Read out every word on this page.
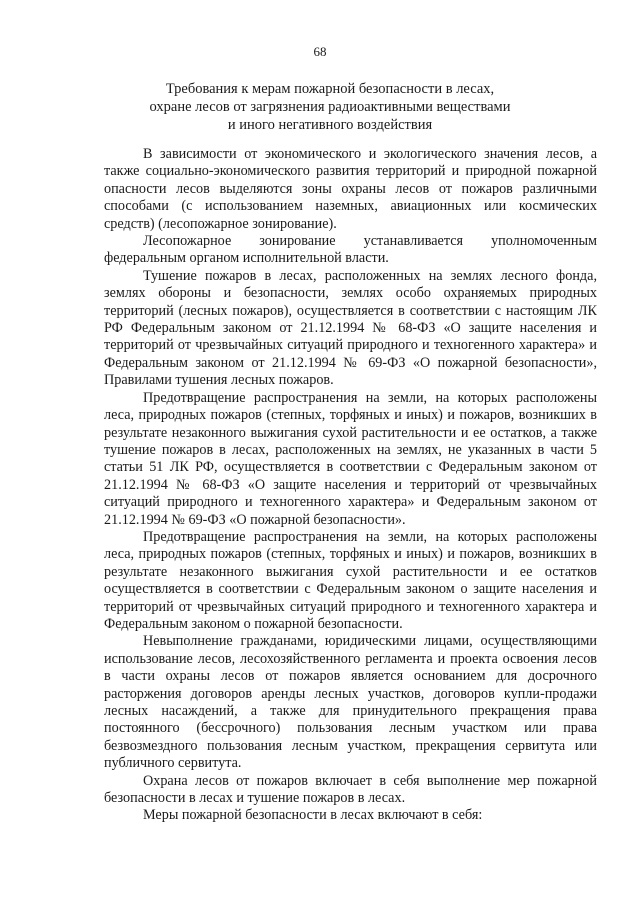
68
Требования к мерам пожарной безопасности в лесах,
охране лесов от загрязнения радиоактивными веществами
и иного негативного воздействия

В зависимости от экономического и экологического значения лесов, а также социально-экономического развития территорий и природной пожарной опасности лесов выделяются зоны охраны лесов от пожаров различными способами (с использованием наземных, авиационных или космических средств) (лесопожарное зонирование).

Лесопожарное зонирование устанавливается уполномоченным федеральным органом исполнительной власти.

Тушение пожаров в лесах, расположенных на землях лесного фонда, землях обороны и безопасности, землях особо охраняемых природных территорий (лесных пожаров), осуществляется в соответствии с настоящим ЛК РФ Федеральным законом от 21.12.1994 № 68-ФЗ «О защите населения и территорий от чрезвычайных ситуаций природного и техногенного характера» и Федеральным законом от 21.12.1994 № 69-ФЗ «О пожарной безопасности», Правилами тушения лесных пожаров.

Предотвращение распространения на земли, на которых расположены леса, природных пожаров (степных, торфяных и иных) и пожаров, возникших в результате незаконного выжигания сухой растительности и ее остатков, а также тушение пожаров в лесах, расположенных на землях, не указанных в части 5 статьи 51 ЛК РФ, осуществляется в соответствии с Федеральным законом от 21.12.1994 № 68-ФЗ «О защите населения и территорий от чрезвычайных ситуаций природного и техногенного характера» и Федеральным законом от 21.12.1994 № 69-ФЗ «О пожарной безопасности».

Предотвращение распространения на земли, на которых расположены леса, природных пожаров (степных, торфяных и иных) и пожаров, возникших в результате незаконного выжигания сухой растительности и ее остатков осуществляется в соответствии с Федеральным законом о защите населения и территорий от чрезвычайных ситуаций природного и техногенного характера и Федеральным законом о пожарной безопасности.

Невыполнение гражданами, юридическими лицами, осуществляющими использование лесов, лесохозяйственного регламента и проекта освоения лесов в части охраны лесов от пожаров является основанием для досрочного расторжения договоров аренды лесных участков, договоров купли-продажи лесных насаждений, а также для принудительного прекращения права постоянного (бессрочного) пользования лесным участком или права безвозмездного пользования лесным участком, прекращения сервитута или публичного сервитута.

Охрана лесов от пожаров включает в себя выполнение мер пожарной безопасности в лесах и тушение пожаров в лесах.

Меры пожарной безопасности в лесах включают в себя:
